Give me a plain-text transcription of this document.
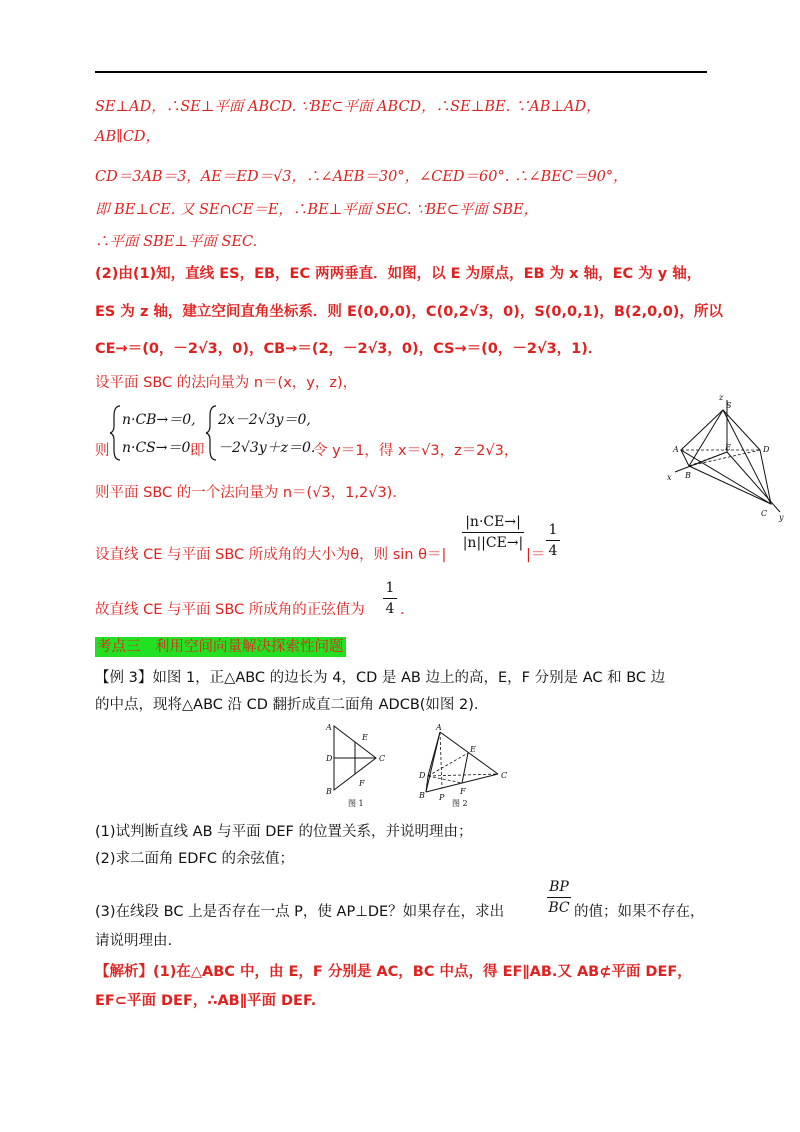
SE⊥AD，∴SE⊥平面 ABCD. ∵BE⊂平面 ABCD，∴SE⊥BE. ∵AB⊥AD，
AB∥CD，
CD＝3AB＝3，AE＝ED＝√3，∴∠AEB＝30°，∠CED＝60°. ∴∠BEC＝90°，
即 BE⊥CE. 又 SE∩CE＝E，∴BE⊥平面 SEC. ∵BE⊂平面 SBE，
∴平面 SBE⊥平面 SEC.
(2)由(1)知，直线 ES，EB，EC 两两垂直．如图，以 E 为原点，EB 为 x 轴，EC 为 y 轴，
ES 为 z 轴，建立空间直角坐标系．则 E(0,0,0)，C(0,2√3，0)，S(0,0,1)，B(2,0,0)，所以
CE→＝(0，－2√3，0)，CB→＝(2，－2√3，0)，CS→＝(0，－2√3，1)．
设平面 SBC 的法向量为 n＝(x，y，z)，
则
n·CB→＝0,
n·CS→＝0.
2x－2√3y＝0,
－2√3y＋z＝0.
即	令 y＝1，得 x＝√3，z＝2√3，
则平面 SBC 的一个法向量为 n＝(√3，1,2√3)．
设直线 CE 与平面 SBC 所成角的大小为θ，则 sin θ＝|
|n·CE→|
|n||CE→|
|＝
1
4
故直线 CE 与平面 SBC 所成角的正弦值为
1
4 ．
考点三　利用空间向量解决探索性问题
【例 3】如图 1，正△ABC 的边长为 4，CD 是 AB 边上的高，E，F 分别是 AC 和 BC 边
的中点，现将△ABC 沿 CD 翻折成直二面角 ADCB(如图 2).
z
S
A	D
E
B
x
C y
A
D
B
E
F
C
图 1
A
D
B P
E
F
C
图 2
(1)试判断直线 AB 与平面 DEF 的位置关系，并说明理由；
(2)求二面角 EDFC 的余弦值；
(3)在线段 BC 上是否存在一点 P，使 AP⊥DE？如果存在，求出
BP
BC 的值；如果不存在，
请说明理由.
【解析】(1)在△ABC 中，由 E，F 分别是 AC，BC 中点，得 EF∥AB.又 AB⊄平面 DEF，
EF⊂平面 DEF，∴AB∥平面 DEF.
